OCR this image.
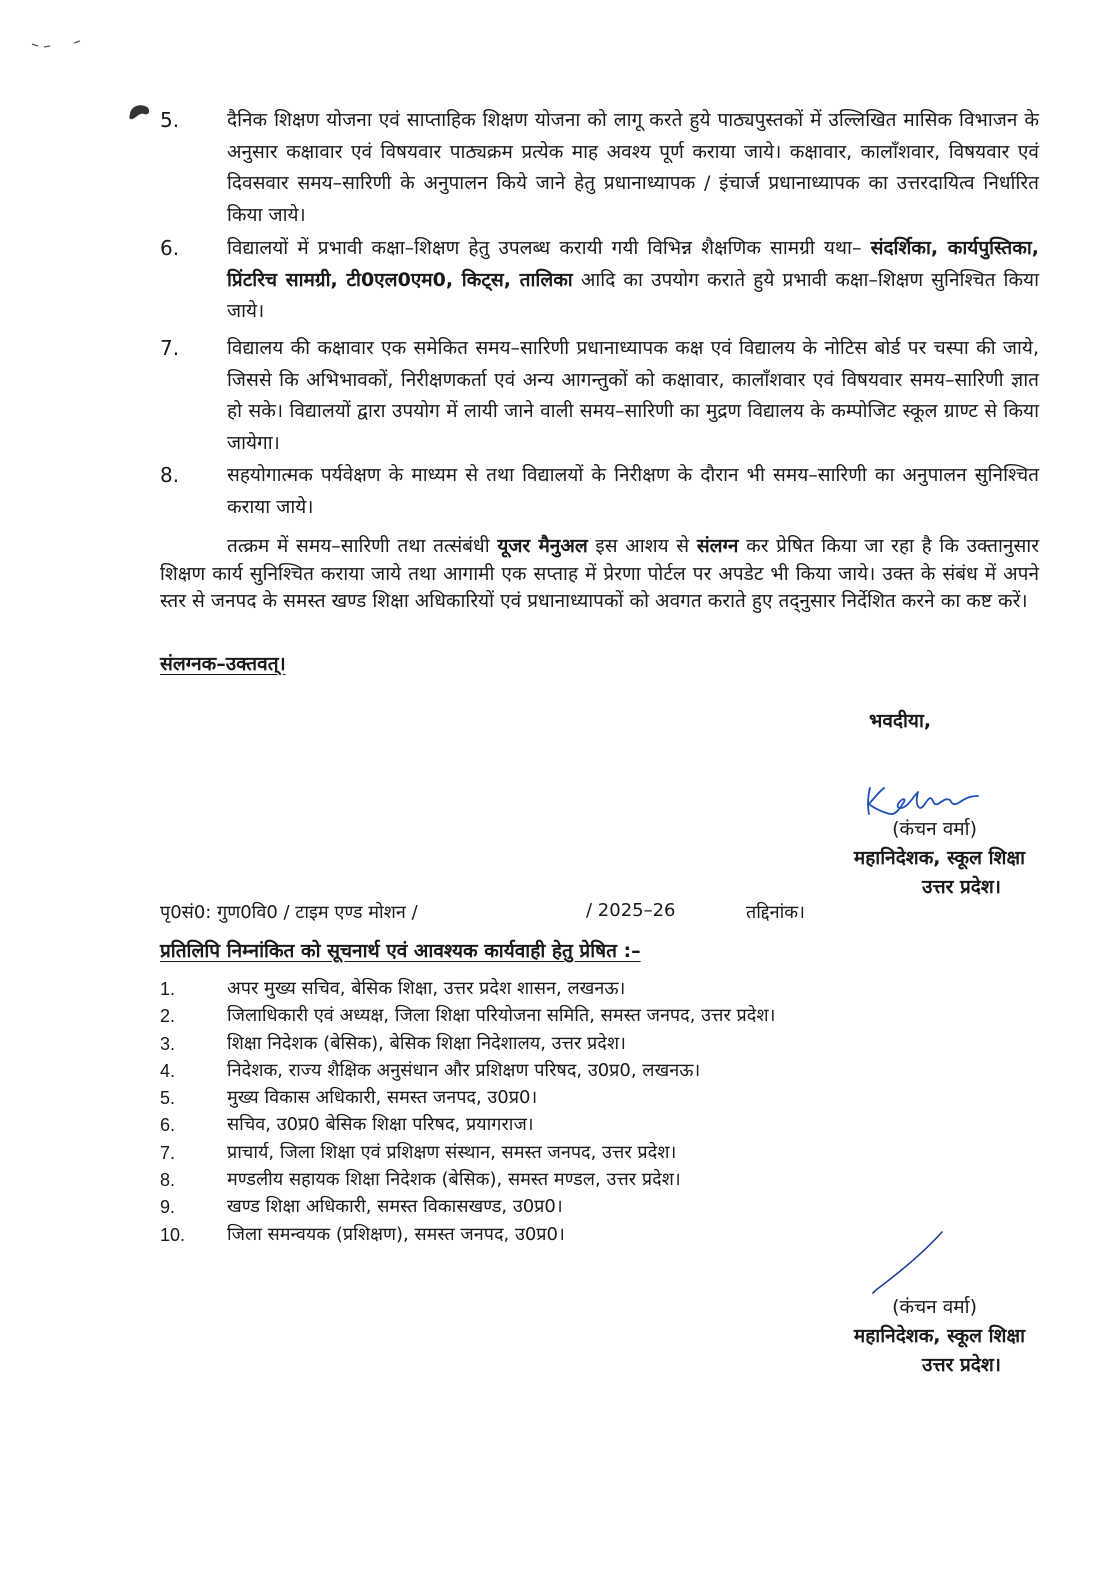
5.	दैनिक शिक्षण योजना एवं साप्ताहिक शिक्षण योजना को लागू करते हुये पाठ्यपुस्तकों में उल्लिखित मासिक विभाजन के अनुसार कक्षावार एवं विषयवार पाठ्यक्रम प्रत्येक माह अवश्य पूर्ण कराया जाये। कक्षावार, कालाँशवार, विषयवार एवं दिवसवार समय–सारिणी के अनुपालन किये जाने हेतु प्रधानाध्यापक / इंचार्ज प्रधानाध्यापक का उत्तरदायित्व निर्धारित किया जाये।
6.	विद्यालयों में प्रभावी कक्षा–शिक्षण हेतु उपलब्ध करायी गयी विभिन्न शैक्षणिक सामग्री यथा– संदर्शिका, कार्यपुस्तिका, प्रिंटरिच सामग्री, टी0एल0एम0, किट्स, तालिका आदि का उपयोग कराते हुये प्रभावी कक्षा–शिक्षण सुनिश्चित किया जाये।
7.	विद्यालय की कक्षावार एक समेकित समय–सारिणी प्रधानाध्यापक कक्ष एवं विद्यालय के नोटिस बोर्ड पर चस्पा की जाये, जिससे कि अभिभावकों, निरीक्षणकर्ता एवं अन्य आगन्तुकों को कक्षावार, कालाँशवार एवं विषयवार समय–सारिणी ज्ञात हो सके। विद्यालयों द्वारा उपयोग में लायी जाने वाली समय–सारिणी का मुद्रण विद्यालय के कम्पोजिट स्कूल ग्राण्ट से किया जायेगा।
8.	सहयोगात्मक पर्यवेक्षण के माध्यम से तथा विद्यालयों के निरीक्षण के दौरान भी समय–सारिणी का अनुपालन सुनिश्चित कराया जाये।

तत्क्रम में समय–सारिणी तथा तत्संबंधी यूजर मैनुअल इस आशय से संलग्न कर प्रेषित किया जा रहा है कि उक्तानुसार शिक्षण कार्य सुनिश्चित कराया जाये तथा आगामी एक सप्ताह में प्रेरणा पोर्टल पर अपडेट भी किया जाये। उक्त के संबंध में अपने स्तर से जनपद के समस्त खण्ड शिक्षा अधिकारियों एवं प्रधानाध्यापकों को अवगत कराते हुए तद्नुसार निर्देशित करने का कष्ट करें।

संलग्नक–उक्तवत्।
भवदीया,
(कंचन वर्मा)
महानिदेशक, स्कूल शिक्षा
उत्तर प्रदेश।
पृ0सं0: गुण0वि0 / टाइम एण्ड मोशन /	/ 2025–26	तद्दिनांक।
प्रतिलिपि निम्नांकित को सूचनार्थ एवं आवश्यक कार्यवाही हेतु प्रेषित :–
1.	अपर मुख्य सचिव, बेसिक शिक्षा, उत्तर प्रदेश शासन, लखनऊ।
2.	जिलाधिकारी एवं अध्यक्ष, जिला शिक्षा परियोजना समिति, समस्त जनपद, उत्तर प्रदेश।
3.	शिक्षा निदेशक (बेसिक), बेसिक शिक्षा निदेशालय, उत्तर प्रदेश।
4.	निदेशक, राज्य शैक्षिक अनुसंधान और प्रशिक्षण परिषद, उ0प्र0, लखनऊ।
5.	मुख्य विकास अधिकारी, समस्त जनपद, उ0प्र0।
6.	सचिव, उ0प्र0 बेसिक शिक्षा परिषद, प्रयागराज।
7.	प्राचार्य, जिला शिक्षा एवं प्रशिक्षण संस्थान, समस्त जनपद, उत्तर प्रदेश।
8.	मण्डलीय सहायक शिक्षा निदेशक (बेसिक), समस्त मण्डल, उत्तर प्रदेश।
9.	खण्ड शिक्षा अधिकारी, समस्त विकासखण्ड, उ0प्र0।
10. जिला समन्वयक (प्रशिक्षण), समस्त जनपद, उ0प्र0।
(कंचन वर्मा)
महानिदेशक, स्कूल शिक्षा
उत्तर प्रदेश।
